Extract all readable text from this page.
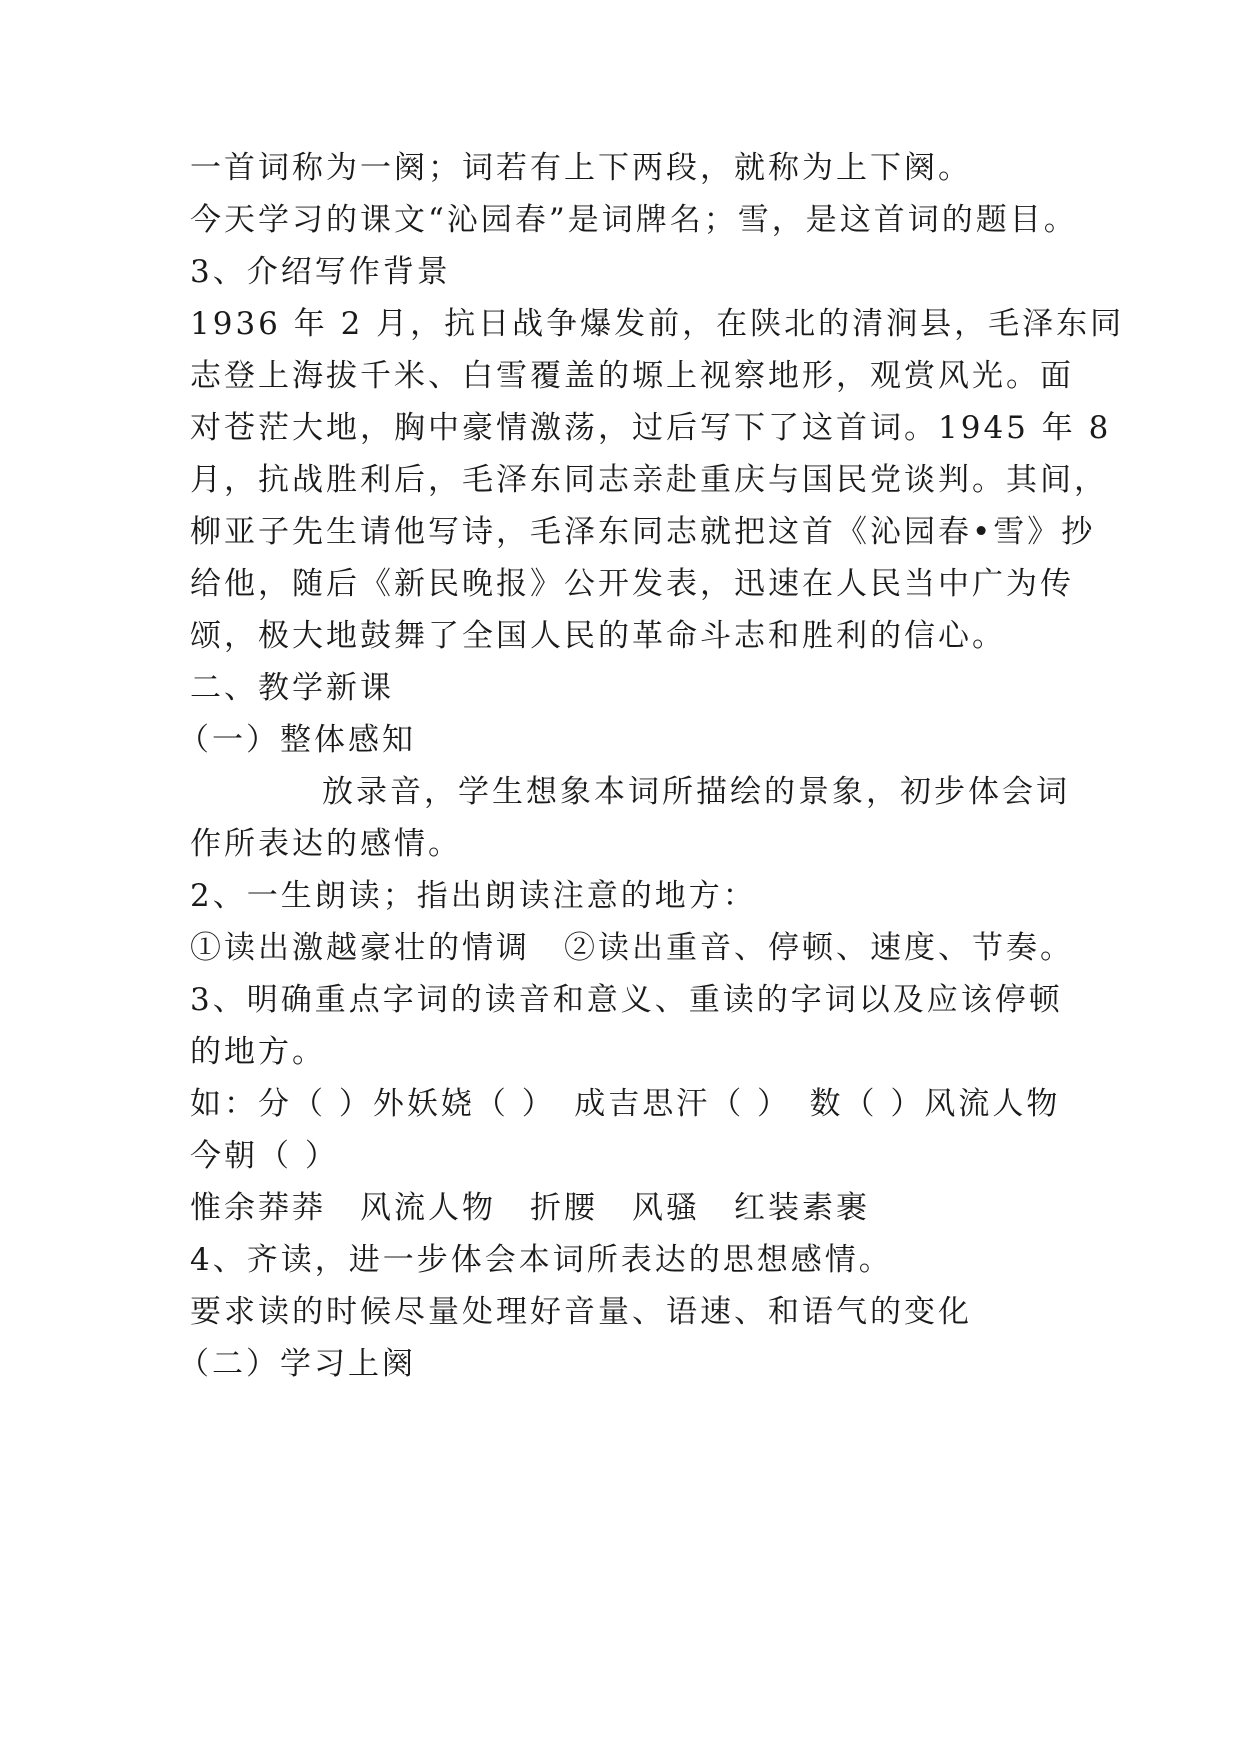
一首词称为一阕；词若有上下两段，就称为上下阕。
今天学习的课文“沁园春”是词牌名；雪，是这首词的题目。
3、介绍写作背景
1936 年 2 月，抗日战争爆发前，在陕北的清涧县，毛泽东同
志登上海拔千米、白雪覆盖的塬上视察地形，观赏风光。面
对苍茫大地，胸中豪情激荡，过后写下了这首词。1945 年 8
月，抗战胜利后，毛泽东同志亲赴重庆与国民党谈判。其间，
柳亚子先生请他写诗，毛泽东同志就把这首《沁园春•雪》抄
给他，随后《新民晚报》公开发表，迅速在人民当中广为传
颂，极大地鼓舞了全国人民的革命斗志和胜利的信心。
二、教学新课
（一）整体感知
放录音，学生想象本词所描绘的景象，初步体会词
作所表达的感情。
2、一生朗读；指出朗读注意的地方：
①读出激越豪壮的情调　②读出重音、停顿、速度、节奏。
3、明确重点字词的读音和意义、重读的字词以及应该停顿
的地方。
如：分（ ）外妖娆（ ）　成吉思汗（ ）　数（ ）风流人物
今朝（ ）
惟余莽莽　风流人物　折腰　风骚　红装素裹
4、齐读，进一步体会本词所表达的思想感情。
要求读的时候尽量处理好音量、语速、和语气的变化
（二）学习上阕
